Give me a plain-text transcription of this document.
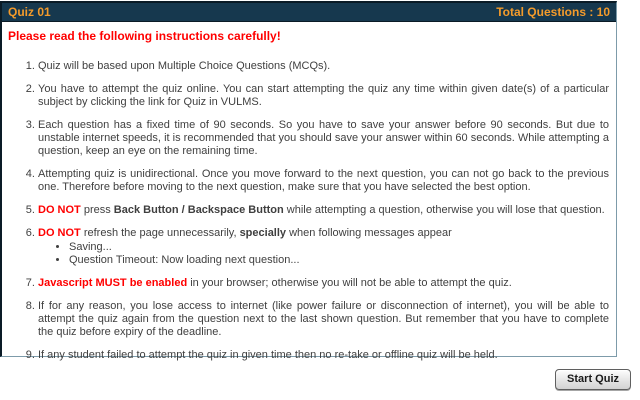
Quiz 01	Total Questions : 10
Please read the following instructions carefully!
1. Quiz will be based upon Multiple Choice Questions (MCQs).
2. You have to attempt the quiz online. You can start attempting the quiz any time within given date(s) of a particular subject by clicking the link for Quiz in VULMS.
3. Each question has a fixed time of 90 seconds. So you have to save your answer before 90 seconds. But due to unstable internet speeds, it is recommended that you should save your answer within 60 seconds. While attempting a question, keep an eye on the remaining time.
4. Attempting quiz is unidirectional. Once you move forward to the next question, you can not go back to the previous one. Therefore before moving to the next question, make sure that you have selected the best option.
5. DO NOT press Back Button / Backspace Button while attempting a question, otherwise you will lose that question.
6. DO NOT refresh the page unnecessarily, specially when following messages appear
• Saving...
• Question Timeout: Now loading next question...
7. Javascript MUST be enabled in your browser; otherwise you will not be able to attempt the quiz.
8. If for any reason, you lose access to internet (like power failure or disconnection of internet), you will be able to attempt the quiz again from the question next to the last shown question. But remember that you have to complete the quiz before expiry of the deadline.
9. If any student failed to attempt the quiz in given time then no re-take or offline quiz will be held.
Start Quiz
